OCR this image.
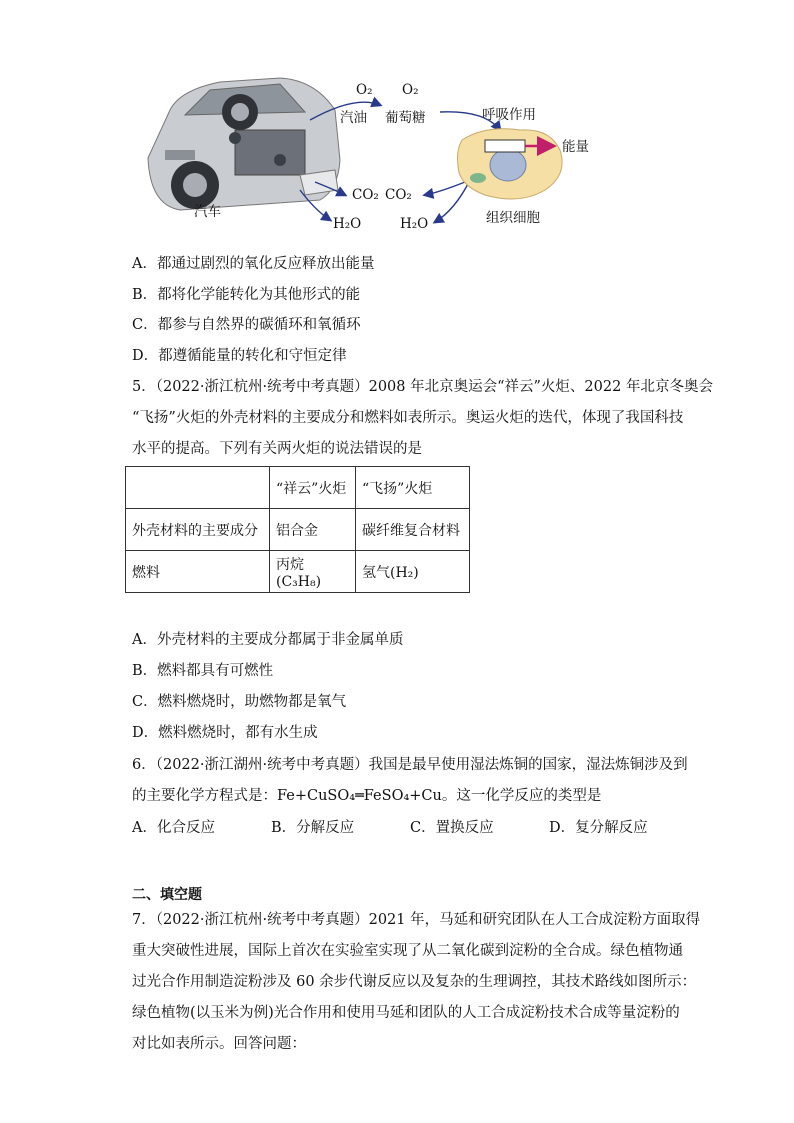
O₂ O₂
汽油 葡萄糖	呼吸作用
能量
CO₂ CO₂
汽车	组织细胞
H₂O	H₂O
A．都通过剧烈的氧化反应释放出能量
B．都将化学能转化为其他形式的能
C．都参与自然界的碳循环和氧循环
D．都遵循能量的转化和守恒定律
5．（2022·浙江杭州·统考中考真题）2008 年北京奥运会“祥云”火炬、2022 年北京冬奥会
“飞扬”火炬的外壳材料的主要成分和燃料如表所示。奥运火炬的迭代，体现了我国科技
水平的提高。下列有关两火炬的说法错误的是
	“祥云”火炬	“飞扬”火炬
外壳材料的主要成分	铝合金	碳纤维复合材料
燃料	丙烷(C₃H₈)	氢气(H₂)
A．外壳材料的主要成分都属于非金属单质
B．燃料都具有可燃性
C．燃料燃烧时，助燃物都是氧气
D．燃料燃烧时，都有水生成
6．（2022·浙江湖州·统考中考真题）我国是最早使用湿法炼铜的国家，湿法炼铜涉及到
的主要化学方程式是：Fe+CuSO₄═FeSO₄+Cu。这一化学反应的类型是
A．化合反应	B．分解反应	C．置换反应	D．复分解反应
二、填空题
7．（2022·浙江杭州·统考中考真题）2021 年，马延和研究团队在人工合成淀粉方面取得
重大突破性进展，国际上首次在实验室实现了从二氧化碳到淀粉的全合成。绿色植物通
过光合作用制造淀粉涉及 60 余步代谢反应以及复杂的生理调控，其技术路线如图所示：
绿色植物(以玉米为例)光合作用和使用马延和团队的人工合成淀粉技术合成等量淀粉的
对比如表所示。回答问题：
